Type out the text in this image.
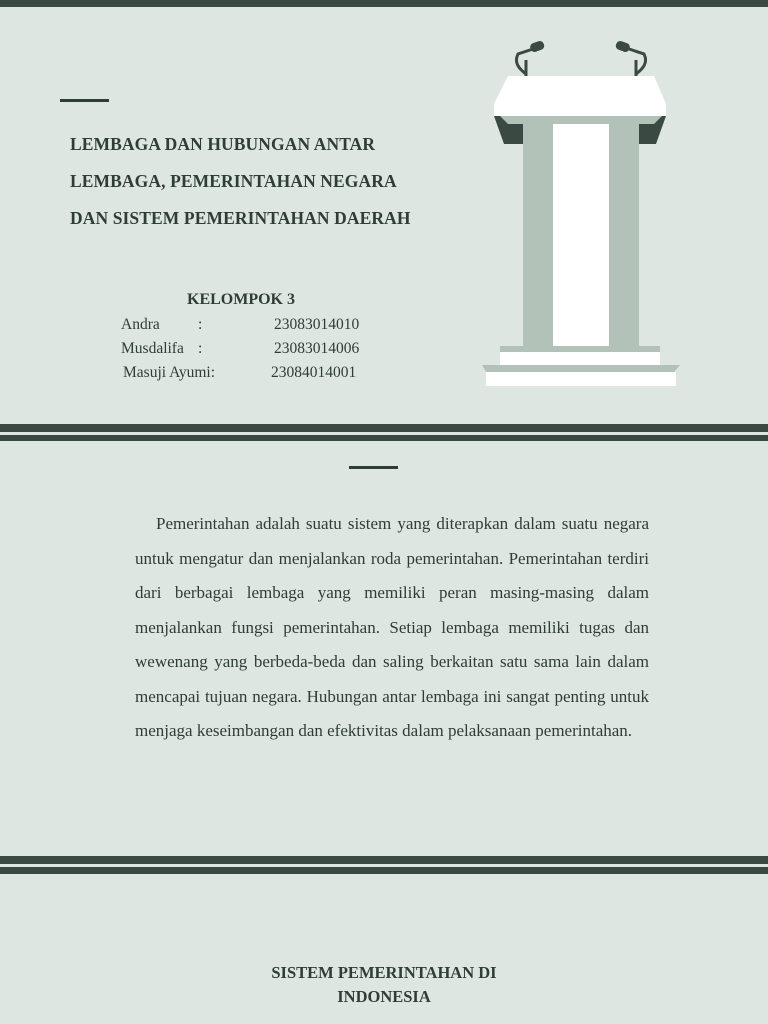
LEMBAGA DAN HUBUNGAN ANTAR
LEMBAGA, PEMERINTAHAN NEGARA
DAN SISTEM PEMERINTAHAN DAERAH
KELOMPOK 3
Andra :	23083014010
Musdalifa :	23083014006
Masuji Ayumi:	23084014001

Pemerintahan adalah suatu sistem yang diterapkan dalam suatu negara untuk mengatur dan menjalankan roda pemerintahan. Pemerintahan terdiri dari berbagai lembaga yang memiliki peran masing-masing dalam menjalankan fungsi pemerintahan. Setiap lembaga memiliki tugas dan wewenang yang berbeda-beda dan saling berkaitan satu sama lain dalam mencapai tujuan negara. Hubungan antar lembaga ini sangat penting untuk menjaga keseimbangan dan efektivitas dalam pelaksanaan pemerintahan.

SISTEM PEMERINTAHAN DI
INDONESIA
